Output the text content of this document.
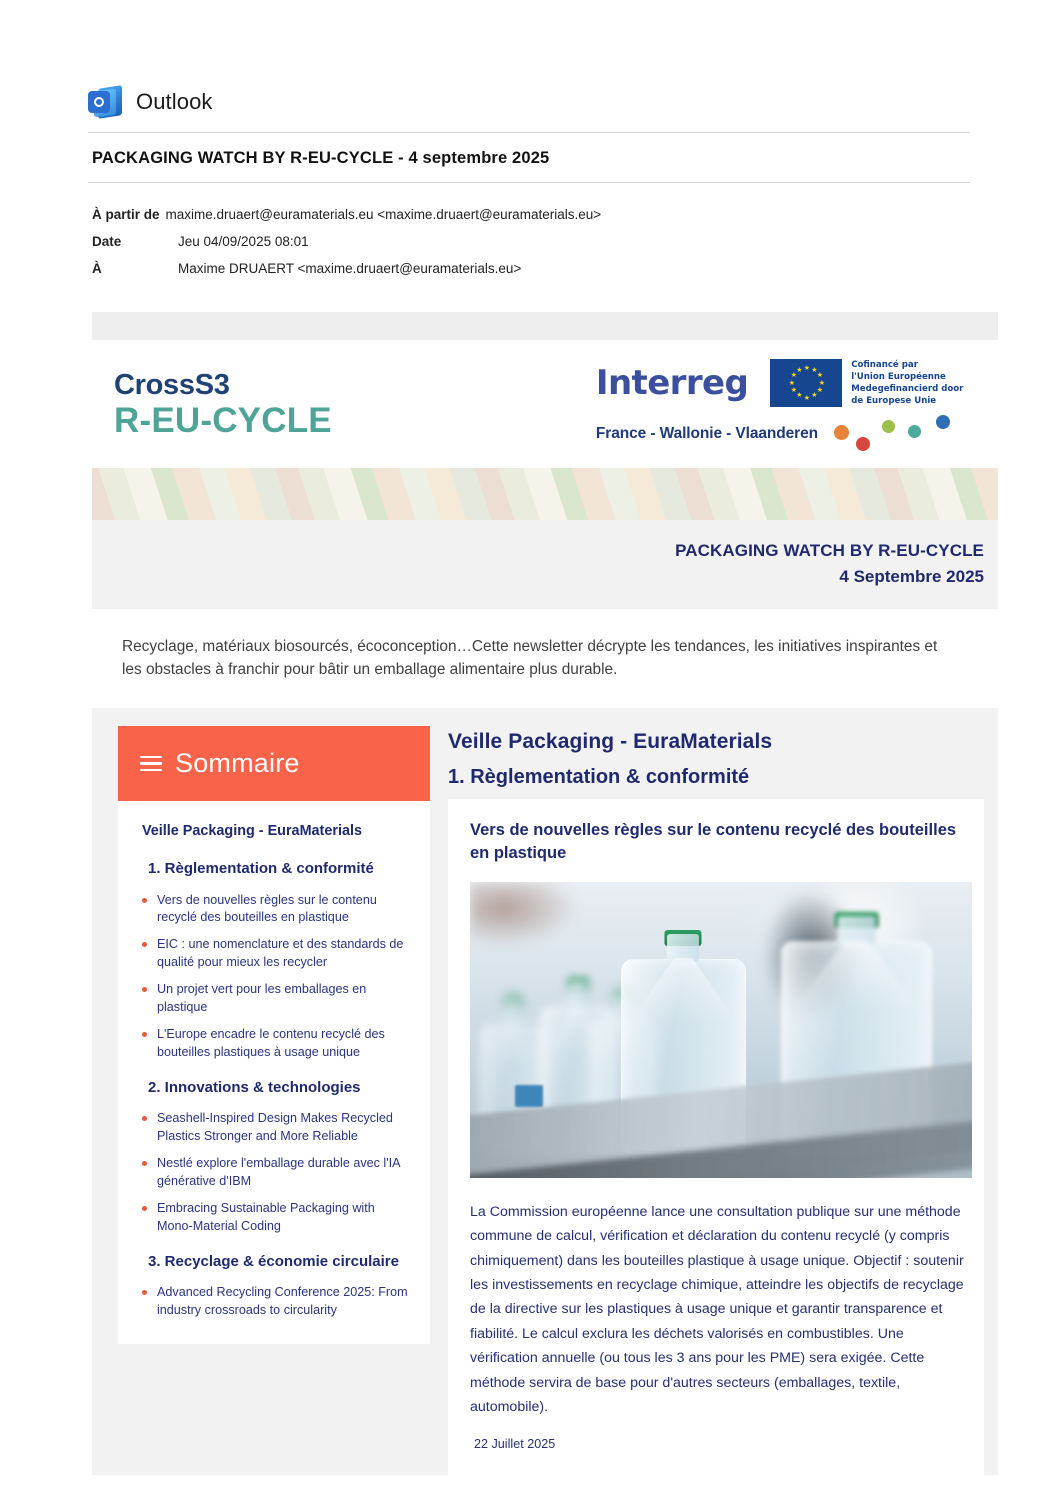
Outlook
PACKAGING WATCH BY R-EU-CYCLE - 4 septembre 2025
À partir de maxime.druaert@euramaterials.eu <maxime.druaert@euramaterials.eu>
Date	Jeu 04/09/2025 08:01
À	Maxime DRUAERT <maxime.druaert@euramaterials.eu>
CrossS3
R-EU-CYCLE
Interreg	★ ★
★
★
★
★
★
★
★
★
★
★
Cofinancé par
l'Union Européenne
Medegefinancierd door
de Europese Unie
France - Wallonie - Vlaanderen
PACKAGING WATCH BY R-EU-CYCLE
4 Septembre 2025
Recyclage, matériaux biosourcés, écoconception…Cette newsletter décrypte les tendances, les initiatives inspirantes et les obstacles à franchir pour bâtir un emballage alimentaire plus durable.
Sommaire
Veille Packaging - EuraMaterials
1. Règlementation & conformité
Vers de nouvelles règles sur le contenu recyclé des bouteilles en plastique
EIC : une nomenclature et des standards de qualité pour mieux les recycler
Un projet vert pour les emballages en plastique
L'Europe encadre le contenu recyclé des bouteilles plastiques à usage unique
2. Innovations & technologies
Seashell-Inspired Design Makes Recycled Plastics Stronger and More Reliable
Nestlé explore l'emballage durable avec l'IA générative d'IBM
Embracing Sustainable Packaging with Mono-Material Coding
3. Recyclage & économie circulaire
Advanced Recycling Conference 2025: From industry crossroads to circularity
Veille Packaging - EuraMaterials
1. Règlementation & conformité
Vers de nouvelles règles sur le contenu recyclé des bouteilles en plastique
La Commission européenne lance une consultation publique sur une méthode commune de calcul, vérification et déclaration du contenu recyclé (y compris chimiquement) dans les bouteilles plastique à usage unique. Objectif : soutenir les investissements en recyclage chimique, atteindre les objectifs de recyclage de la directive sur les plastiques à usage unique et garantir transparence et fiabilité. Le calcul exclura les déchets valorisés en combustibles. Une vérification annuelle (ou tous les 3 ans pour les PME) sera exigée. Cette méthode servira de base pour d'autres secteurs (emballages, textile, automobile).
22 Juillet 2025
